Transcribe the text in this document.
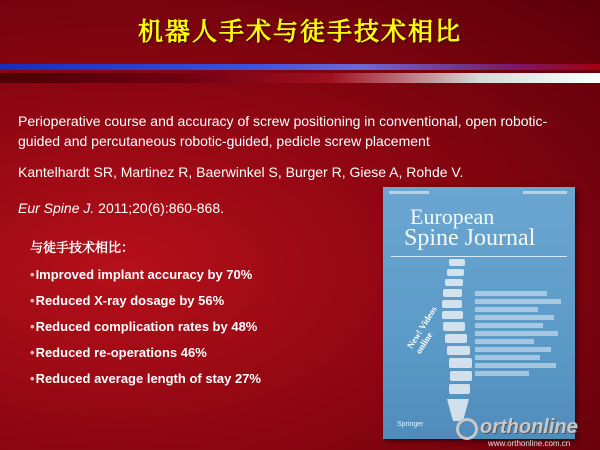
机器人手术与徒手技术相比
Perioperative course and accuracy of screw positioning in conventional, open robotic-guided and percutaneous robotic-guided, pedicle screw placement
Kantelhardt SR, Martinez R, Baerwinkel S, Burger R, Giese A, Rohde V.
Eur Spine J. 2011;20(6):860-868.
与徒手技术相比：
•Improved implant accuracy by 70%
•Reduced X-ray dosage by 56%
•Reduced complication rates by 48%
•Reduced re-operations 46%
•Reduced average length of stay 27%
European
Spine Journal
New! Videos online
Springer	orthonline
www.orthonline.com.cn
